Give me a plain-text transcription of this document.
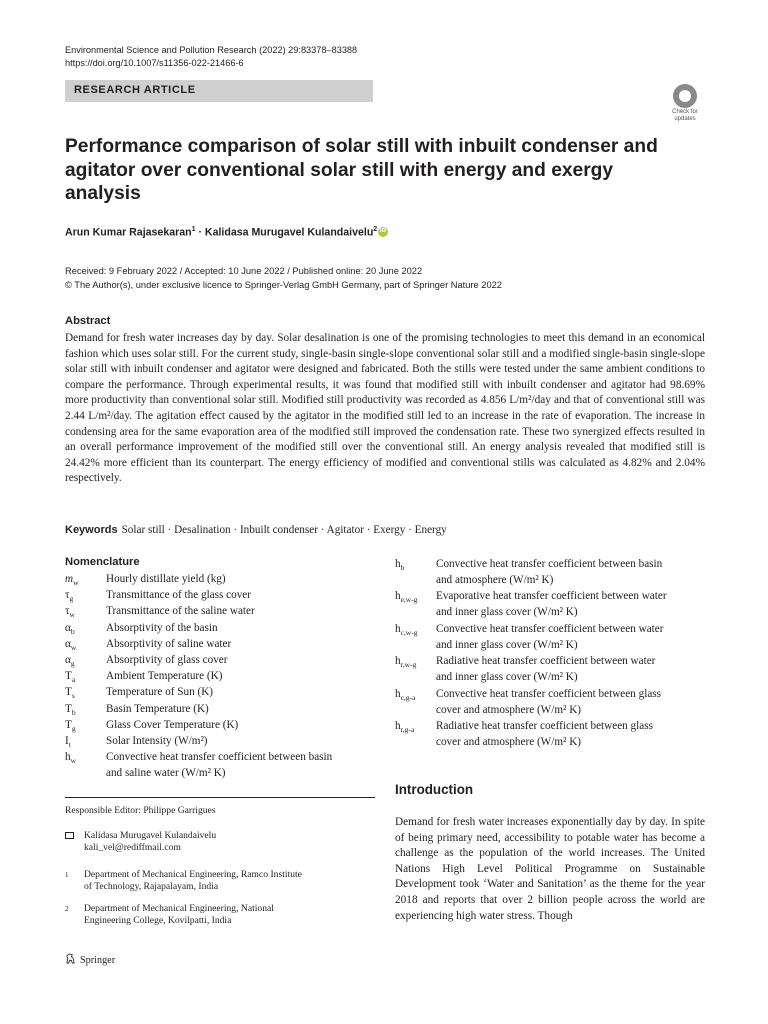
Environmental Science and Pollution Research (2022) 29:83378–83388
https://doi.org/10.1007/s11356-022-21466-6
RESEARCH ARTICLE
Check for updates
Performance comparison of solar still with inbuilt condenser and agitator over conventional solar still with energy and exergy analysis
Arun Kumar Rajasekaran$^1$ · Kalidasa Murugavel Kulandaivelu$^2$iD
Received: 9 February 2022 / Accepted: 10 June 2022 / Published online: 20 June 2022
© The Author(s), under exclusive licence to Springer-Verlag GmbH Germany, part of Springer Nature 2022
Abstract
Demand for fresh water increases day by day. Solar desalination is one of the promising technologies to meet this demand in an economical fashion which uses solar still. For the current study, single-basin single-slope conventional solar still and a modified single-basin single-slope solar still with inbuilt condenser and agitator were designed and fabricated. Both the stills were tested under the same ambient conditions to compare the performance. Through experimental results, it was found that modified still with inbuilt condenser and agitator had 98.69% more productivity than conventional solar still. Modified still productivity was recorded as 4.856 L/m²/day and that of conventional still was 2.44 L/m²/day. The agitation effect caused by the agitator in the modified still led to an increase in the rate of evaporation. The increase in condensing area for the same evaporation area of the modified still improved the condensation rate. These two synergized effects resulted in an overall performance improvement of the modified still over the conventional still. An energy analysis revealed that modified still is 24.42% more efficient than its counterpart. The energy efficiency of modified and conventional stills was calculated as 4.82% and 2.04% respectively.
Keywords Solar still · Desalination · Inbuilt condenser · Agitator · Exergy · Energy
Nomenclature
$m_w$	Hourly distillate yield (kg)
$\tau_g$	Transmittance of the glass cover
$\tau_w$	Transmittance of the saline water
$\alpha_b$	Absorptivity of the basin
$\alpha_w$	Absorptivity of saline water
$\alpha_g$	Absorptivity of glass cover
$T_a$	Ambient Temperature (K)
$T_s$	Temperature of Sun (K)
$T_b$	Basin Temperature (K)
$T_g$	Glass Cover Temperature (K)
$I_t$	Solar Intensity (W/m²)
$h_w$	Convective heat transfer coefficient between basin
and saline water (W/m² K)
$h_b$	Convective heat transfer coefficient between basin
and atmosphere (W/m² K)
$h_{e,w-g}$	Evaporative heat transfer coefficient between water
and inner glass cover (W/m² K)
$h_{c,w-g}$	Convective heat transfer coefficient between water
and inner glass cover (W/m² K)
$h_{r,w-g}$	Radiative heat transfer coefficient between water
and inner glass cover (W/m² K)
$h_{c,g-a}$	Convective heat transfer coefficient between glass
cover and atmosphere (W/m² K)
$h_{r,g-a}$	Radiative heat transfer coefficient between glass
cover and atmosphere (W/m² K)
Responsible Editor: Philippe Garrigues
Kalidasa Murugavel Kulandaivelu
kali_vel@rediffmail.com
1 Department of Mechanical Engineering, Ramco Institute
of Technology, Rajapalayam, India
2 Department of Mechanical Engineering, National
Engineering College, Kovilpatti, India
Springer
Introduction
Demand for fresh water increases exponentially day by day. In spite of being primary need, accessibility to potable water has become a challenge as the population of the world increases. The United Nations High Level Political Programme on Sustainable Development took ‘Water and Sanitation’ as the theme for the year 2018 and reports that over 2 billion people across the world are experiencing high water stress. Though
